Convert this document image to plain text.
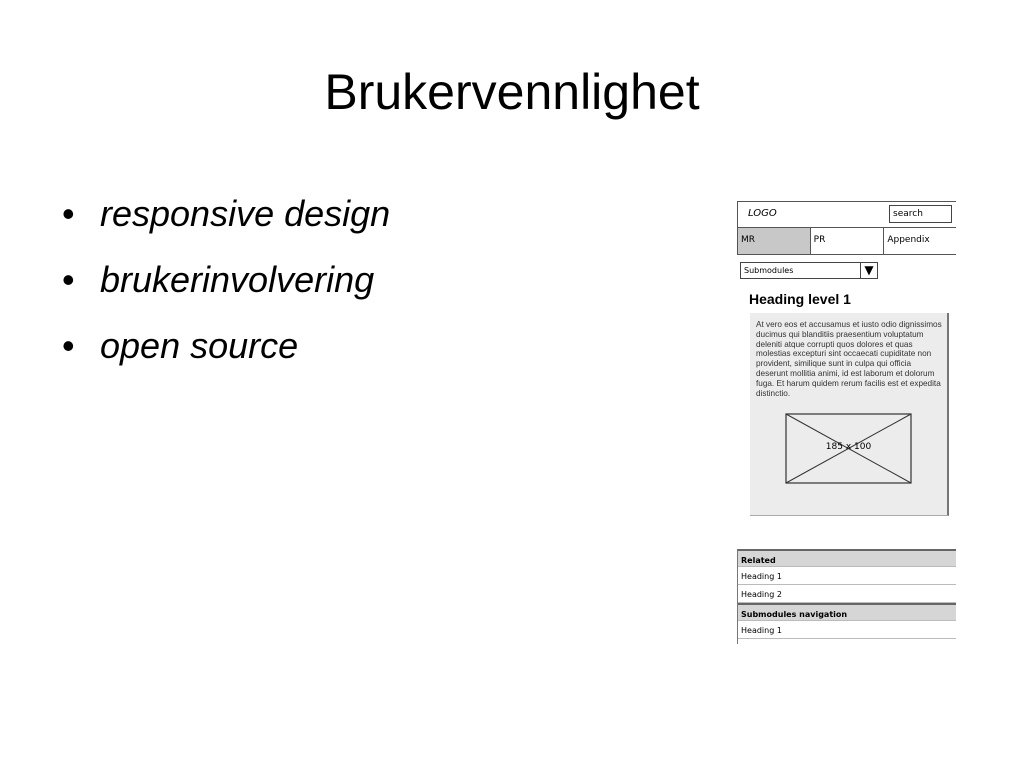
Brukervennlighet
• responsive design
• brukerinvolvering
• open source
LOGO	search
MR	PR	Appendix
Submodules	▼
Heading level 1
At vero eos et accusamus et iusto odio dignissimos ducimus qui blanditiis praesentium voluptatum deleniti atque corrupti quos dolores et quas molestias excepturi sint occaecati cupiditate non provident, similique sunt in culpa qui officia deserunt mollitia animi, id est laborum et dolorum fuga. Et harum quidem rerum facilis est et expedita distinctio.
185 x 100
Related
Heading 1
Heading 2
Submodules navigation
Heading 1
